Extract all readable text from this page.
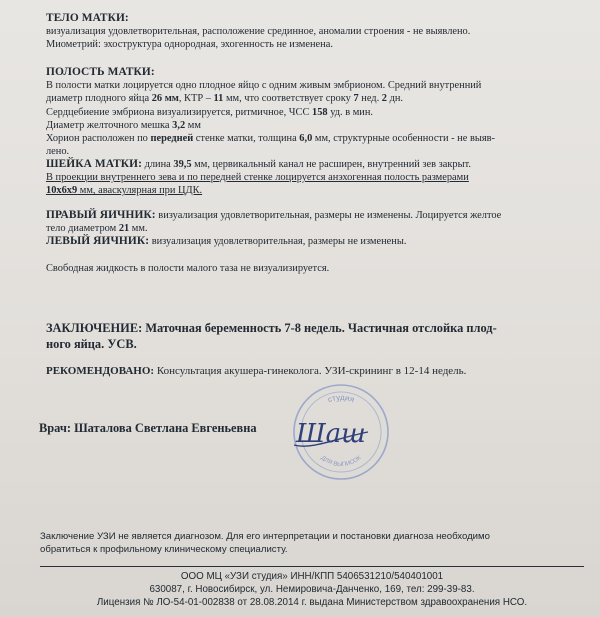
ТЕЛО МАТКИ:

визуализация удовлетворительная, расположение срединное, аномалии строения - не выявлено.

Миометрий: эхоструктура однородная, эхогенность не изменена.

ПОЛОСТЬ МАТКИ:

В полости матки лоцируется одно плодное яйцо с одним живым эмбрионом. Средний внутренний

диаметр плодного яйца 26 мм, КТР – 11 мм, что соответствует сроку 7 нед. 2 дн.

Сердцебиение эмбриона визуализируется, ритмичное, ЧСС 158 уд. в мин.

Диаметр желточного мешка 3,2 мм

Хорион расположен по передней стенке матки, толщина 6,0 мм, структурные особенности - не выяв-

лено.

ШЕЙКА МАТКИ: длина 39,5 мм, цервикальный канал не расширен, внутренний зев закрыт.

В проекции внутреннего зева и по передней стенке лоцируется анэхогенная полость размерами

10х6х9 мм, аваскулярная при ЦДК.

ПРАВЫЙ ЯИЧНИК: визуализация удовлетворительная, размеры не изменены. Лоцируется желтое

тело диаметром 21 мм.

ЛЕВЫЙ ЯИЧНИК: визуализация удовлетворительная, размеры не изменены.

Свободная жидкость в полости малого таза не визуализируется.

ЗАКЛЮЧЕНИЕ: Маточная беременность 7-8 недель. Частичная отслойка плод-

ного яйца. УСВ.

РЕКОМЕНДОВАНО: Консультация акушера-гинеколога. УЗИ-скрининг в 12-14 недель.

Врач: Шаталова Светлана Евгеньевна
студия
ДЛЯ ВЫПИСОК
Шаш
Заключение УЗИ не является диагнозом. Для его интерпретации и постановки диагноза необходимо
обратиться к профильному клиническому специалисту.
ООО МЦ «УЗИ студия» ИНН/КПП 5406531210/540401001
630087, г. Новосибирск, ул. Немировича-Данченко, 169, тел: 299-39-83.
Лицензия № ЛО-54-01-002838 от 28.08.2014 г. выдана Министерством здравоохранения НСО.
